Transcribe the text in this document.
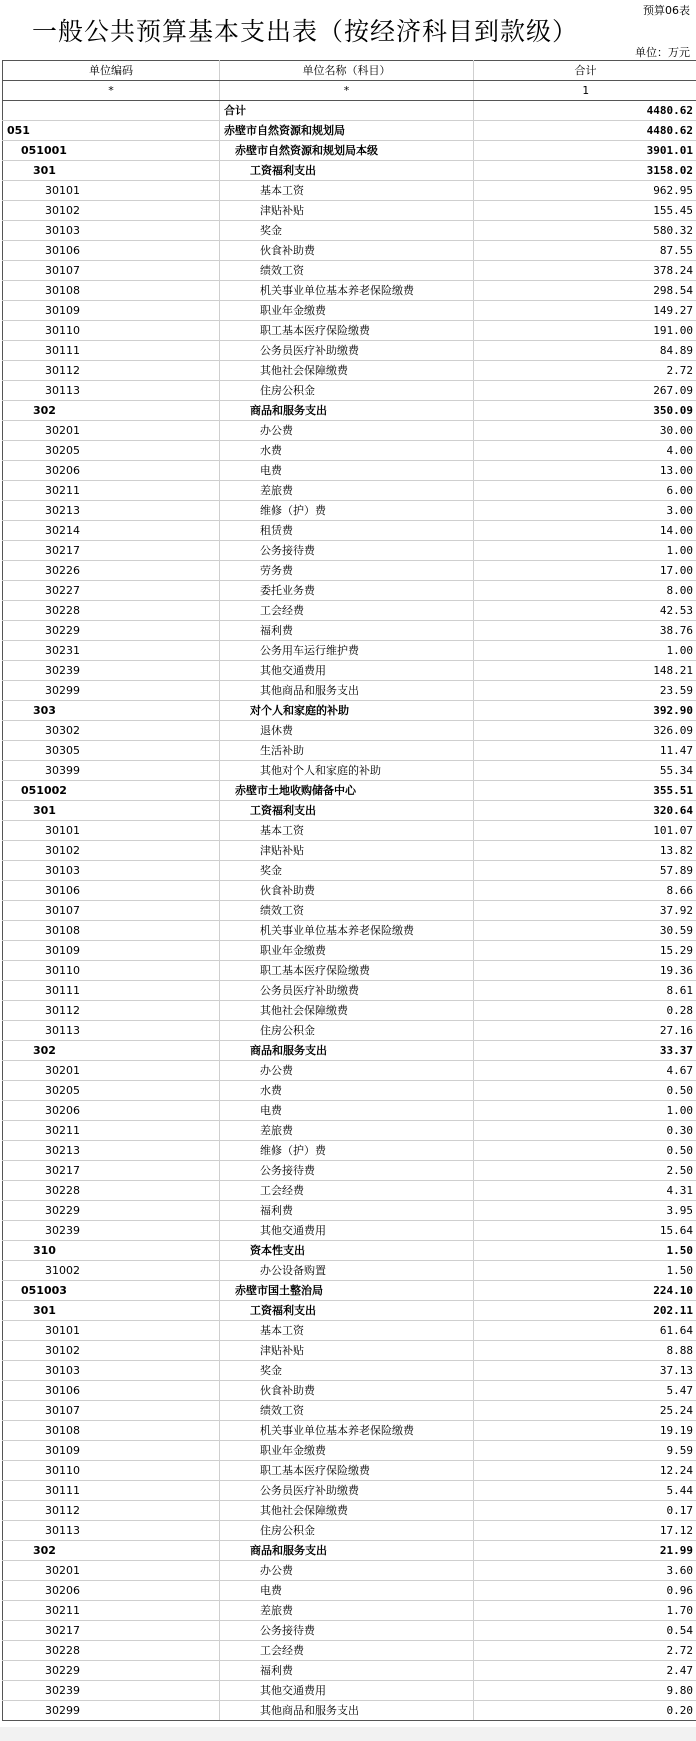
预算06表
一般公共预算基本支出表（按经济科目到款级）
单位：万元
单位编码	单位名称（科目）	合计
*	*	1
	合计	4480.62
051	赤壁市自然资源和规划局	4480.62
051001	赤壁市自然资源和规划局本级	3901.01
301	工资福利支出	3158.02
30101	基本工资	962.95
30102	津贴补贴	155.45
30103	奖金	580.32
30106	伙食补助费	87.55
30107	绩效工资	378.24
30108	机关事业单位基本养老保险缴费	298.54
30109	职业年金缴费	149.27
30110	职工基本医疗保险缴费	191.00
30111	公务员医疗补助缴费	84.89
30112	其他社会保障缴费	2.72
30113	住房公积金	267.09
302	商品和服务支出	350.09
30201	办公费	30.00
30205	水费	4.00
30206	电费	13.00
30211	差旅费	6.00
30213	维修（护）费	3.00
30214	租赁费	14.00
30217	公务接待费	1.00
30226	劳务费	17.00
30227	委托业务费	8.00
30228	工会经费	42.53
30229	福利费	38.76
30231	公务用车运行维护费	1.00
30239	其他交通费用	148.21
30299	其他商品和服务支出	23.59
303	对个人和家庭的补助	392.90
30302	退休费	326.09
30305	生活补助	11.47
30399	其他对个人和家庭的补助	55.34
051002	赤壁市土地收购储备中心	355.51
301	工资福利支出	320.64
30101	基本工资	101.07
30102	津贴补贴	13.82
30103	奖金	57.89
30106	伙食补助费	8.66
30107	绩效工资	37.92
30108	机关事业单位基本养老保险缴费	30.59
30109	职业年金缴费	15.29
30110	职工基本医疗保险缴费	19.36
30111	公务员医疗补助缴费	8.61
30112	其他社会保障缴费	0.28
30113	住房公积金	27.16
302	商品和服务支出	33.37
30201	办公费	4.67
30205	水费	0.50
30206	电费	1.00
30211	差旅费	0.30
30213	维修（护）费	0.50
30217	公务接待费	2.50
30228	工会经费	4.31
30229	福利费	3.95
30239	其他交通费用	15.64
310	资本性支出	1.50
31002	办公设备购置	1.50
051003	赤壁市国土整治局	224.10
301	工资福利支出	202.11
30101	基本工资	61.64
30102	津贴补贴	8.88
30103	奖金	37.13
30106	伙食补助费	5.47
30107	绩效工资	25.24
30108	机关事业单位基本养老保险缴费	19.19
30109	职业年金缴费	9.59
30110	职工基本医疗保险缴费	12.24
30111	公务员医疗补助缴费	5.44
30112	其他社会保障缴费	0.17
30113	住房公积金	17.12
302	商品和服务支出	21.99
30201	办公费	3.60
30206	电费	0.96
30211	差旅费	1.70
30217	公务接待费	0.54
30228	工会经费	2.72
30229	福利费	2.47
30239	其他交通费用	9.80
30299	其他商品和服务支出	0.20
